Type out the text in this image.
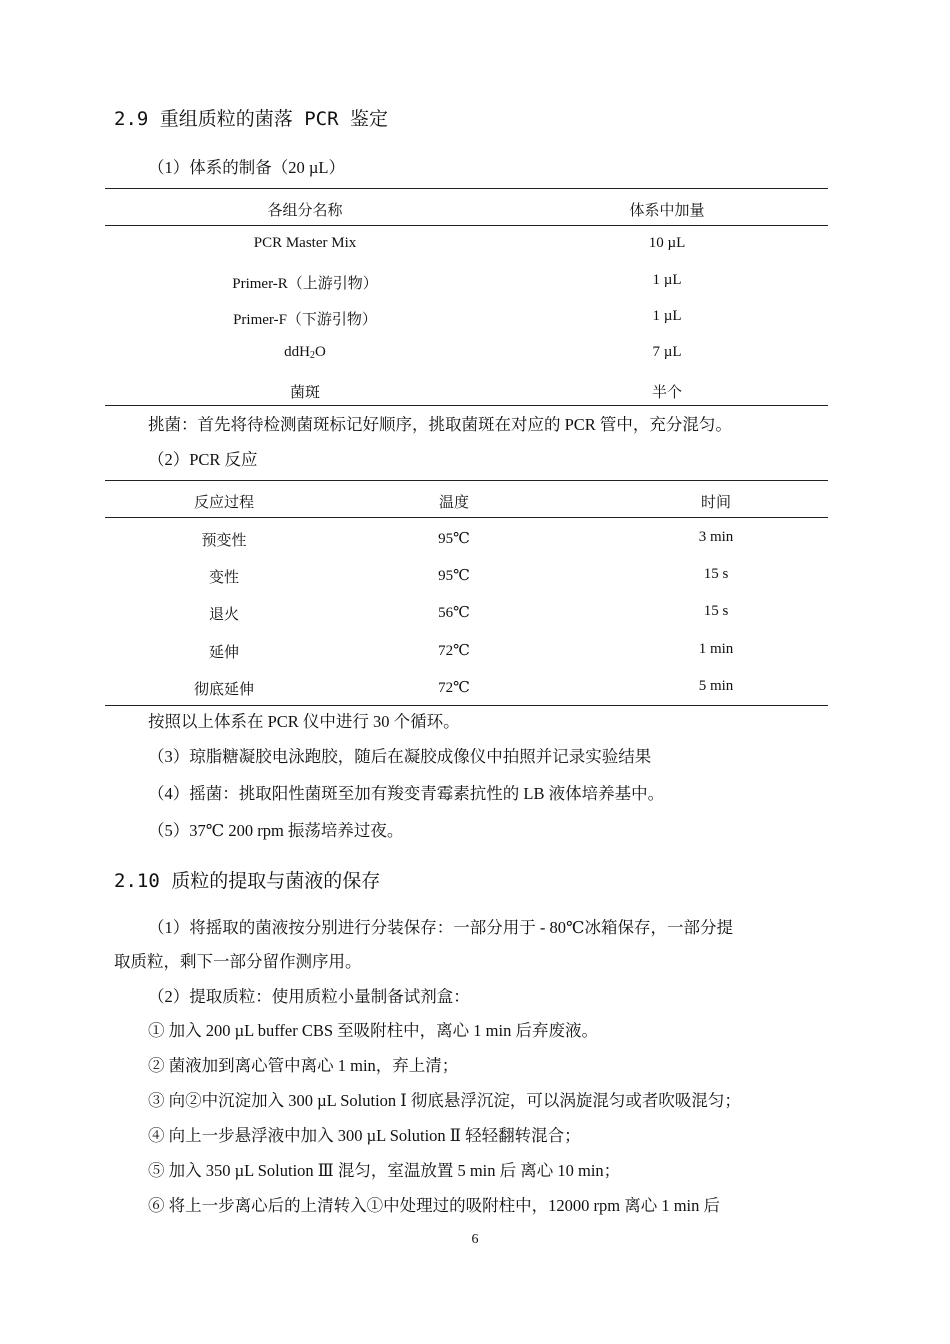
2.9 重组质粒的菌落 PCR 鉴定
（1）体系的制备（20 µL）
各组分名称	体系中加量
PCR Master Mix	10 µL
Primer-R（上游引物）	1 µL
Primer-F（下游引物）	1 µL
ddH$_2$O	7 µL
菌斑	半个
挑菌：首先将待检测菌斑标记好顺序，挑取菌斑在对应的 PCR 管中，充分混匀。
（2）PCR 反应
反应过程	温度	时间
预变性	95℃	3 min
变性	95℃	15 s
退火	56℃	15 s
延伸	72℃	1 min
彻底延伸	72℃	5 min
按照以上体系在 PCR 仪中进行 30 个循环。
（3）琼脂糖凝胶电泳跑胶，随后在凝胶成像仪中拍照并记录实验结果
（4）摇菌：挑取阳性菌斑至加有羧变青霉素抗性的 LB 液体培养基中。
（5）37℃ 200 rpm 振荡培养过夜。
2.10 质粒的提取与菌液的保存
（1）将摇取的菌液按分别进行分装保存：一部分用于 - 80℃冰箱保存，一部分提
取质粒，剩下一部分留作测序用。
（2）提取质粒：使用质粒小量制备试剂盒：
① 加入 200 µL buffer CBS 至吸附柱中，离心 1 min 后弃废液。
② 菌液加到离心管中离心 1 min，弃上清；
③ 向②中沉淀加入 300 µL Solution Ⅰ 彻底悬浮沉淀，可以涡旋混匀或者吹吸混匀；
④ 向上一步悬浮液中加入 300 µL Solution Ⅱ 轻轻翻转混合；
⑤ 加入 350 µL Solution Ⅲ 混匀，室温放置 5 min 后 离心 10 min；
⑥ 将上一步离心后的上清转入①中处理过的吸附柱中，12000 rpm 离心 1 min 后
6
